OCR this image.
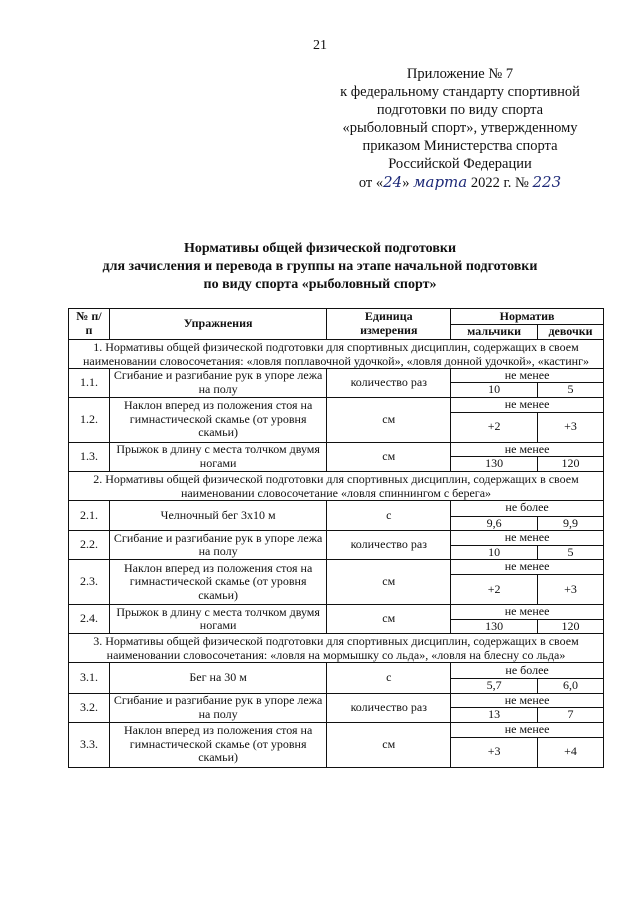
21
Приложение № 7
к федеральному стандарту спортивной
подготовки по виду спорта
«рыболовный спорт», утвержденному
приказом Министерства спорта
Российской Федерации
от «24» марта 2022 г. № 223
Нормативы общей физической подготовки
для зачисления и перевода в группы на этапе начальной подготовки
по виду спорта «рыболовный спорт»
№ п/п	Упражнения	Единица измерения	Норматив	
			мальчики	девочки
1. Нормативы общей физической подготовки для спортивных дисциплин, содержащих в своем наименовании словосочетания: «ловля поплавочной удочкой», «ловля донной удочкой», «кастинг»				
1.1.	Сгибание и разгибание рук в упоре лежа на полу	количество раз	не менее	
			10	5
1.2.	Наклон вперед из положения стоя на гимнастической скамье (от уровня скамьи)	см	не менее	
			+2	+3
1.3.	Прыжок в длину с места толчком двумя ногами	см	не менее	
			130	120
2. Нормативы общей физической подготовки для спортивных дисциплин, содержащих в своем наименовании словосочетание «ловля спиннингом с берега»				
2.1.	Челночный бег 3х10 м	с	не более	
			9,6	9,9
2.2.	Сгибание и разгибание рук в упоре лежа на полу	количество раз	не менее	
			10	5
2.3.	Наклон вперед из положения стоя на гимнастической скамье (от уровня скамьи)	см	не менее	
			+2	+3
2.4.	Прыжок в длину с места толчком двумя ногами	см	не менее	
			130	120
3. Нормативы общей физической подготовки для спортивных дисциплин, содержащих в своем наименовании словосочетания: «ловля на мормышку со льда», «ловля на блесну со льда»				
3.1.	Бег на 30 м	с	не более	
			5,7	6,0
3.2.	Сгибание и разгибание рук в упоре лежа на полу	количество раз	не менее	
			13	7
3.3.	Наклон вперед из положения стоя на гимнастической скамье (от уровня скамьи)	см	не менее	
			+3	+4
